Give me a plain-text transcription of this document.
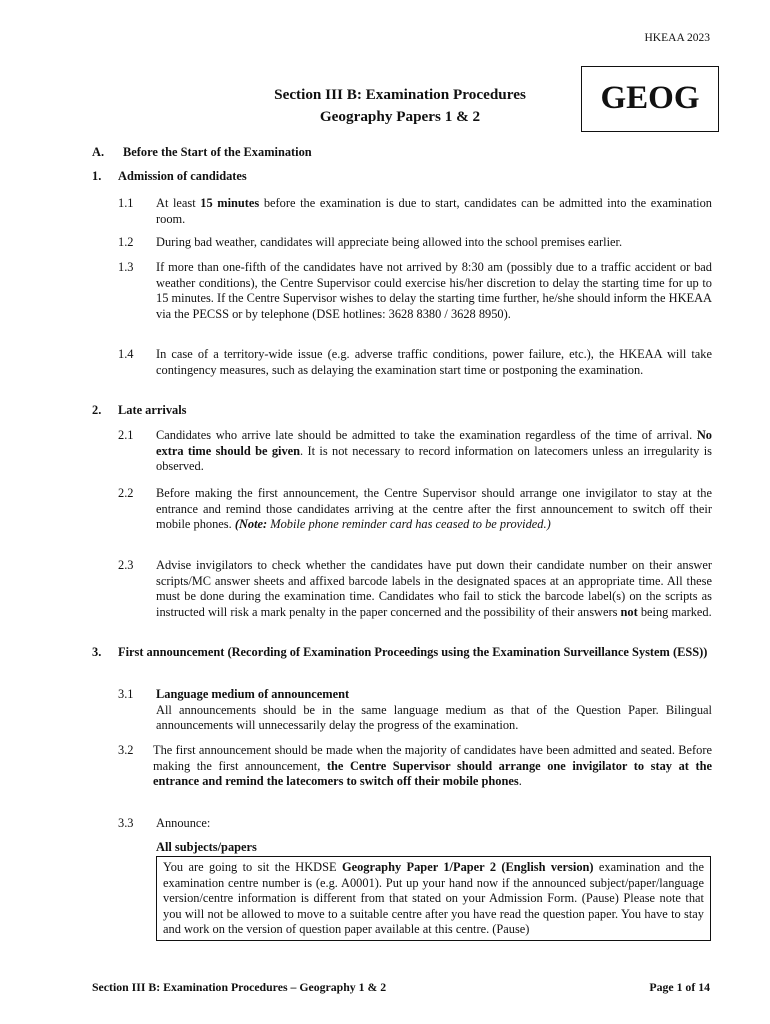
HKEAA 2023
Section III B: Examination Procedures
Geography Papers 1 & 2
GEOG
A. Before the Start of the Examination
1. Admission of candidates
1.1 At least 15 minutes before the examination is due to start, candidates can be admitted into the examination room.
1.2 During bad weather, candidates will appreciate being allowed into the school premises earlier.
1.3 If more than one-fifth of the candidates have not arrived by 8:30 am (possibly due to a traffic accident or bad weather conditions), the Centre Supervisor could exercise his/her discretion to delay the starting time for up to 15 minutes. If the Centre Supervisor wishes to delay the starting time further, he/she should inform the HKEAA via the PECSS or by telephone (DSE hotlines: 3628 8380 / 3628 8950).
1.4 In case of a territory-wide issue (e.g. adverse traffic conditions, power failure, etc.), the HKEAA will take contingency measures, such as delaying the examination start time or postponing the examination.
2. Late arrivals
2.1 Candidates who arrive late should be admitted to take the examination regardless of the time of arrival. No extra time should be given. It is not necessary to record information on latecomers unless an irregularity is observed.
2.2 Before making the first announcement, the Centre Supervisor should arrange one invigilator to stay at the entrance and remind those candidates arriving at the centre after the first announcement to switch off their mobile phones. (Note: Mobile phone reminder card has ceased to be provided.)
2.3 Advise invigilators to check whether the candidates have put down their candidate number on their answer scripts/MC answer sheets and affixed barcode labels in the designated spaces at an appropriate time. All these must be done during the examination time. Candidates who fail to stick the barcode label(s) on the scripts as instructed will risk a mark penalty in the paper concerned and the possibility of their answers not being marked.
3. First announcement (Recording of Examination Proceedings using the Examination Surveillance System (ESS))
3.1 Language medium of announcement
All announcements should be in the same language medium as that of the Question Paper. Bilingual announcements will unnecessarily delay the progress of the examination.
3.2 The first announcement should be made when the majority of candidates have been admitted and seated. Before making the first announcement, the Centre Supervisor should arrange one invigilator to stay at the entrance and remind the latecomers to switch off their mobile phones.
3.3 Announce:
All subjects/papers
You are going to sit the HKDSE Geography Paper 1/Paper 2 (English version) examination and the examination centre number is (e.g. A0001). Put up your hand now if the announced subject/paper/language version/centre information is different from that stated on your Admission Form. (Pause) Please note that you will not be allowed to move to a suitable centre after you have read the question paper. You have to stay and work on the version of question paper available at this centre. (Pause)
Section III B: Examination Procedures – Geography 1 & 2	Page 1 of 14
